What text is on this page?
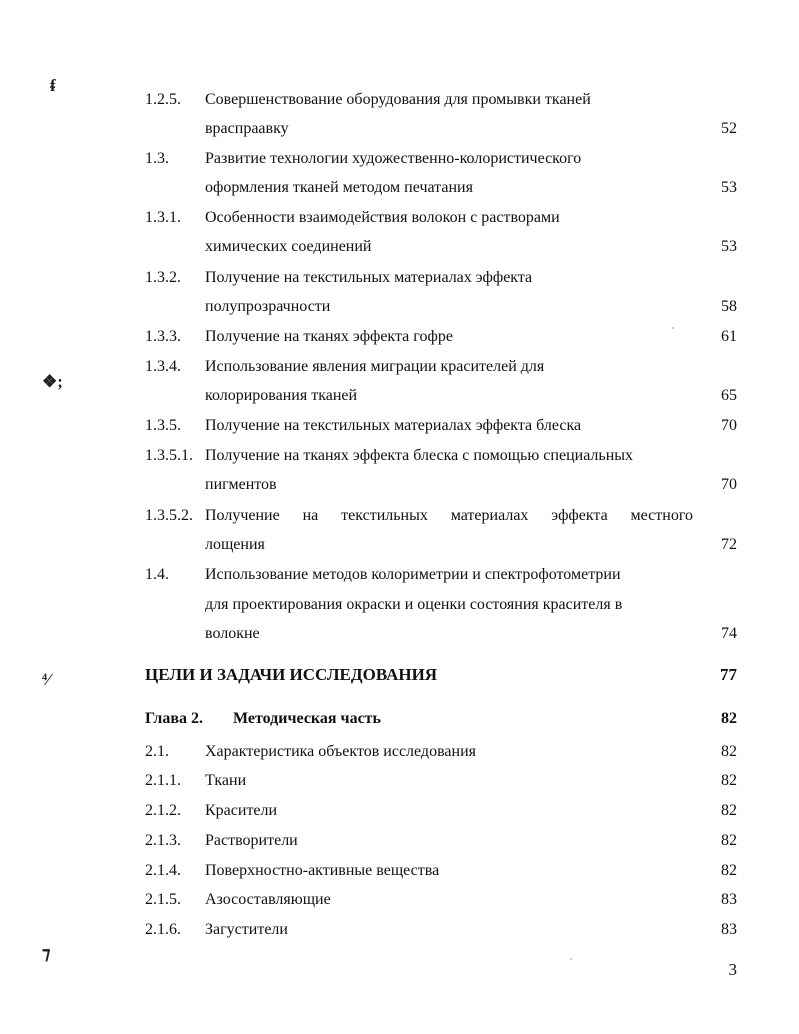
ᵮ
❖;
⁴⁄
⁊
1.2.5. Совершенствование оборудования для промывки тканей
враспраавку	52
1.3. Развитие технологии художественно-колористического
оформления тканей методом печатания	53
1.3.1. Особенности взаимодействия волокон с растворами
химических соединений	53
1.3.2. Получение на текстильных материалах эффекта
полупрозрачности	58
1.3.3. Получение на тканях эффекта гофре	61
1.3.4. Использование явления миграции красителей для
колорирования тканей	65
1.3.5. Получение на текстильных материалах эффекта блеска	70
1.3.5.1. Получение на тканях эффекта блеска с помощью специальных
пигментов	70
1.3.5.2. Получение на текстильных материалах эффекта местного
лощения	72
1.4. Использование методов колориметрии и спектрофотометрии
для проектирования окраски и оценки состояния красителя в
волокне	74
ЦЕЛИ И ЗАДАЧИ ИССЛЕДОВАНИЯ	77
Глава 2. Методическая часть	82
2.1. Характеристика объектов исследования	82
2.1.1. Ткани	82
2.1.2. Красители	82
2.1.3. Растворители	82
2.1.4. Поверхностно-активные вещества	82
2.1.5. Азосоставляющие	83
2.1.6. Загустители	83
3
